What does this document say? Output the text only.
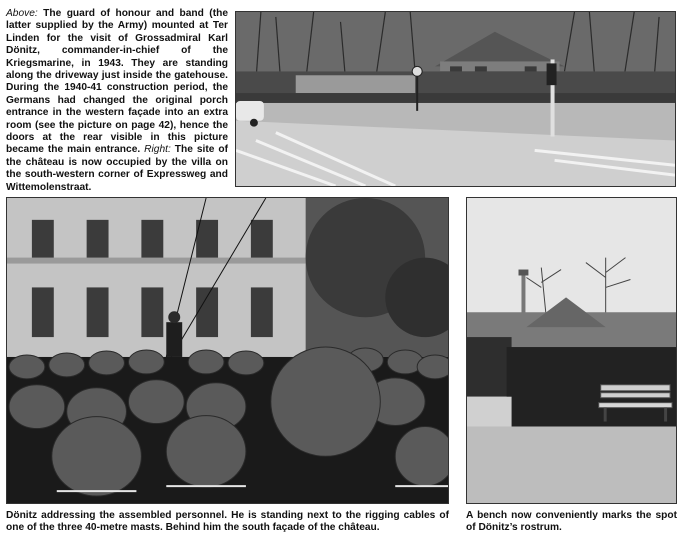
Above: The guard of honour and band (the latter supplied by the Army) mounted at Ter Linden for the visit of Grossadmiral Karl Dönitz, commander-in-chief of the Kriegsmarine, in 1943. They are standing along the driveway just inside the gatehouse. During the 1940-41 construction period, the Germans had changed the original porch entrance in the western façade into an extra room (see the picture on page 42), hence the doors at the rear visible in this picture became the main entrance. Right: The site of the château is now occupied by the villa on the south-western corner of Expressweg and Wittemolenstraat.
Dönitz addressing the assembled personnel. He is standing next to the rigging cables of one of the three 40-metre masts. Behind him the south façade of the château.
A bench now conveniently marks the spot of Dönitz’s rostrum.
